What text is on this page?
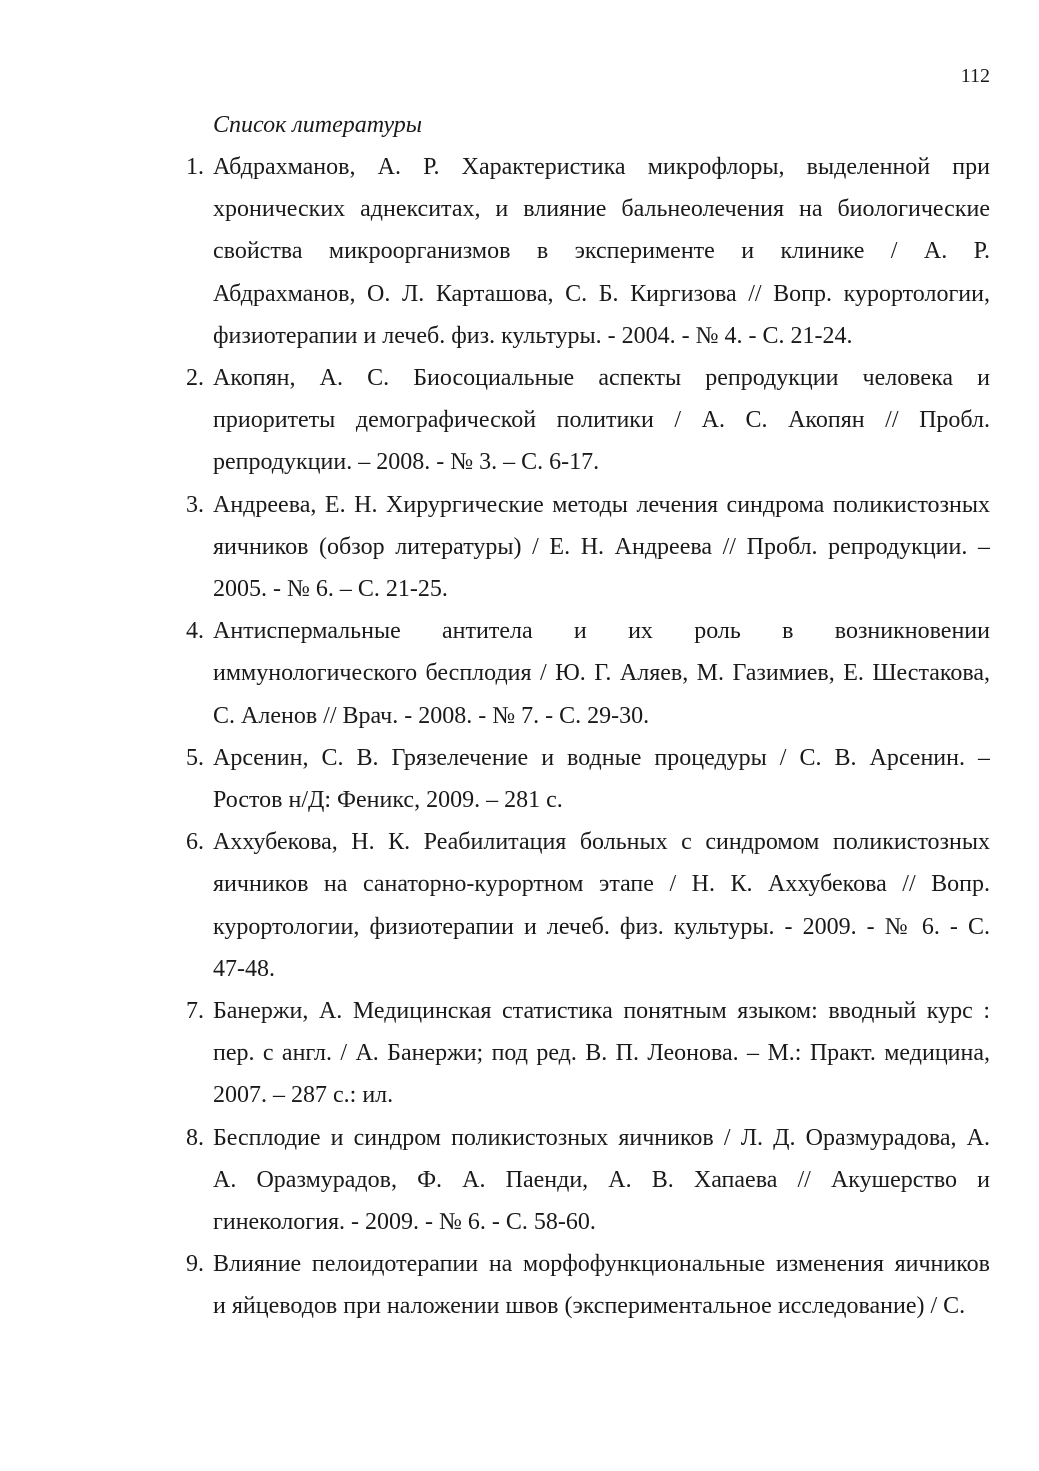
112
Список литературы
1. Абдрахманов, А. Р. Характеристика микрофлоры, выделенной при
хронических аднекситах, и влияние бальнеолечения на биологические
свойства микроорганизмов в эксперименте и клинике / А. Р.
Абдрахманов, О. Л. Карташова, С. Б. Киргизова // Вопр. курортологии,
физиотерапии и лечеб. физ. культуры. - 2004. - № 4. - С. 21-24.
2. Акопян, А. С. Биосоциальные аспекты репродукции человека и
приоритеты демографической политики / А. С. Акопян // Пробл.
репродукции. – 2008. - № 3. – С. 6-17.
3. Андреева, Е. Н. Хирургические методы лечения синдрома поликистозных
яичников (обзор литературы) / Е. Н. Андреева // Пробл. репродукции. –
2005. - № 6. – С. 21-25.
4. Антиспермальные антитела и их роль в возникновении
иммунологического бесплодия / Ю. Г. Аляев, М. Газимиев, Е. Шестакова,
С. Аленов // Врач. - 2008. - № 7. - С. 29-30.
5. Арсенин, С. В. Грязелечение и водные процедуры / С. В. Арсенин. –
Ростов н/Д: Феникс, 2009. – 281 с.
6. Аххубекова, Н. К. Реабилитация больных с синдромом поликистозных
яичников на санаторно-курортном этапе / Н. К. Аххубекова // Вопр.
курортологии, физиотерапии и лечеб. физ. культуры. - 2009. - № 6. - С.
47-48.
7. Банержи, А. Медицинская статистика понятным языком: вводный курс :
пер. с англ. / А. Банержи; под ред. В. П. Леонова. – М.: Практ. медицина,
2007. – 287 с.: ил.
8. Бесплодие и синдром поликистозных яичников / Л. Д. Оразмурадова, А.
А. Оразмурадов, Ф. А. Паенди, А. В. Хапаева // Акушерство и
гинекология. - 2009. - № 6. - С. 58-60.
9. Влияние пелоидотерапии на морфофункциональные изменения яичников
и яйцеводов при наложении швов (экспериментальное исследование) / С.
